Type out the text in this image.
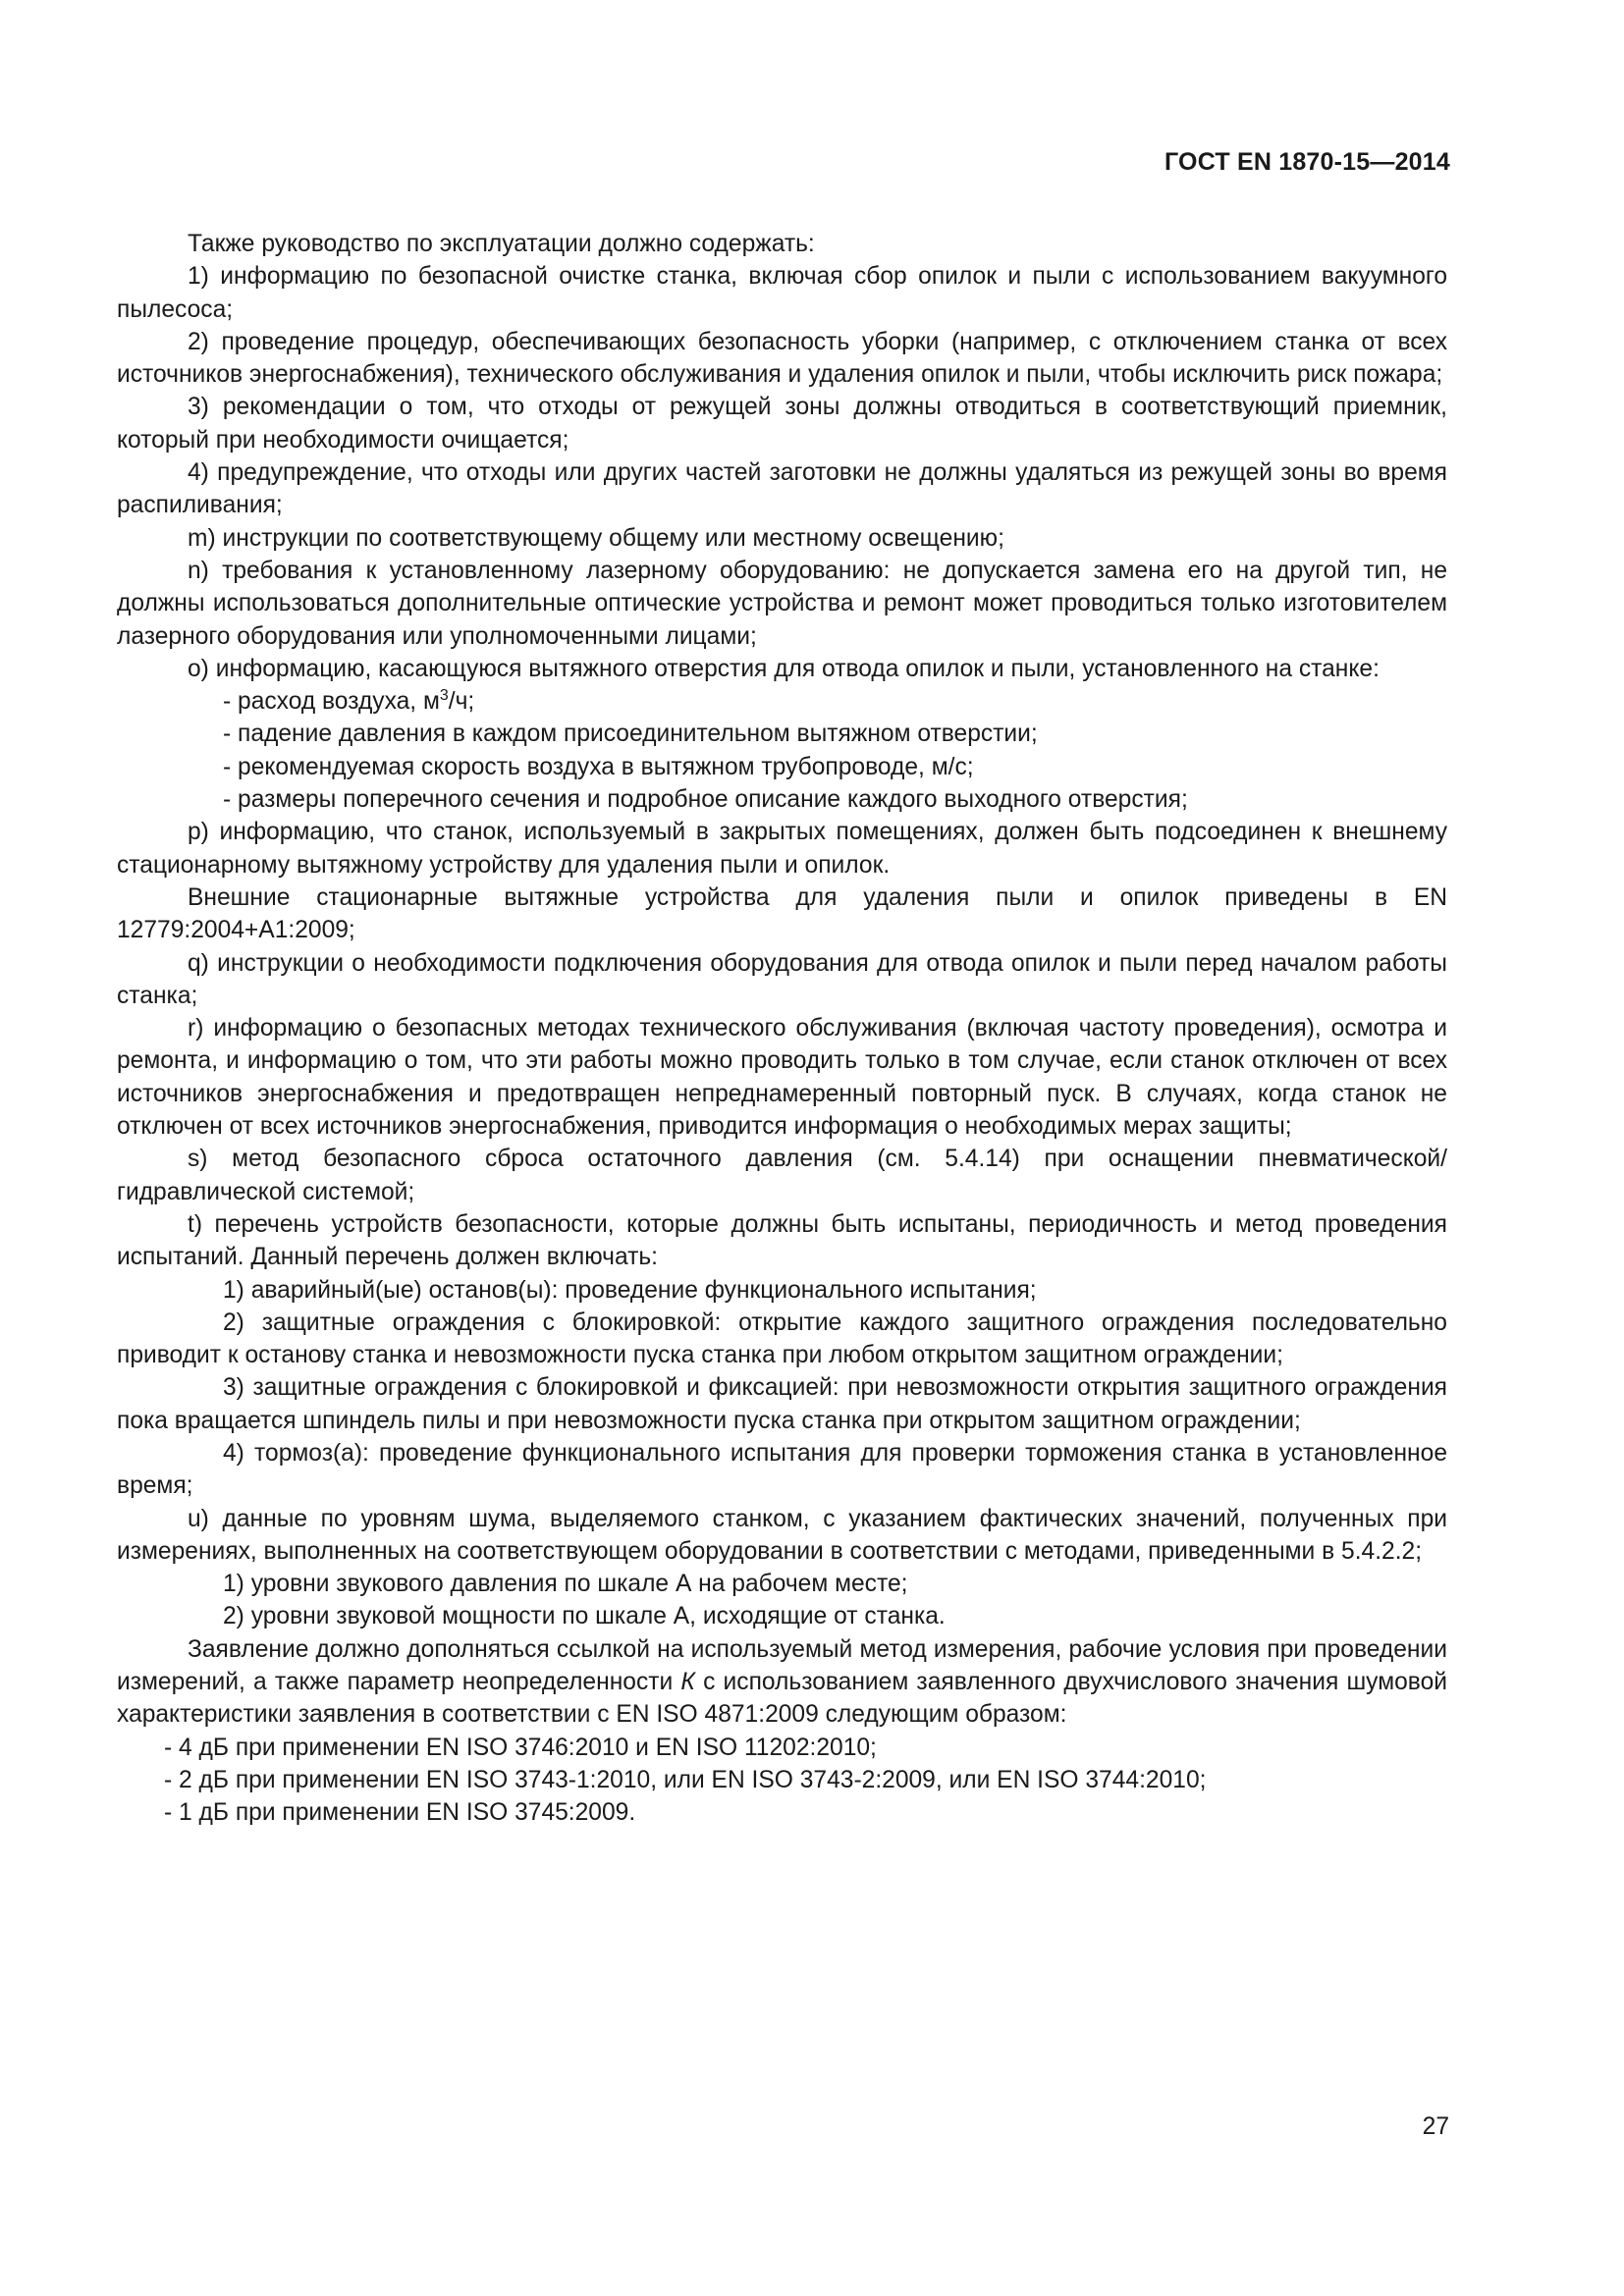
ГОСТ EN 1870-15—2014

Также руководство по эксплуатации должно содержать:

1) информацию по безопасной очистке станка, включая сбор опилок и пыли с использованием вакуумного пылесоса;

2) проведение процедур, обеспечивающих безопасность уборки (например, с отключением станка от всех источников энергоснабжения), технического обслуживания и удаления опилок и пыли, чтобы исключить риск пожара;

3) рекомендации о том, что отходы от режущей зоны должны отводиться в соответствующий приемник, который при необходимости очищается;

4) предупреждение, что отходы или других частей заготовки не должны удаляться из режущей зоны во время распиливания;

m) инструкции по соответствующему общему или местному освещению;

n) требования к установленному лазерному оборудованию: не допускается замена его на другой тип, не должны использоваться дополнительные оптические устройства и ремонт может проводиться только изготовителем лазерного оборудования или уполномоченными лицами;

о) информацию, касающуюся вытяжного отверстия для отвода опилок и пыли, установленного на станке:

- расход воздуха, $м^3/ч$;

- падение давления в каждом присоединительном вытяжном отверстии;

- рекомендуемая скорость воздуха в вытяжном трубопроводе, м/с;

- размеры поперечного сечения и подробное описание каждого выходного отверстия;

р) информацию, что станок, используемый в закрытых помещениях, должен быть подсоединен к внешнему стационарному вытяжному устройству для удаления пыли и опилок.

Внешние стационарные вытяжные устройства для удаления пыли и опилок приведены в EN 12779:2004+А1:2009;

q) инструкции о необходимости подключения оборудования для отвода опилок и пыли перед началом работы станка;

r) информацию о безопасных методах технического обслуживания (включая частоту проведения), осмотра и ремонта, и информацию о том, что эти работы можно проводить только в том случае, если станок отключен от всех источников энергоснабжения и предотвращен непреднамеренный повторный пуск. В случаях, когда станок не отключен от всех источников энергоснабжения, приводится информация о необходимых мерах защиты;

s) метод безопасного сброса остаточного давления (см. 5.4.14) при оснащении пневматической/гидравлической системой;

t) перечень устройств безопасности, которые должны быть испытаны, периодичность и метод проведения испытаний. Данный перечень должен включать:

1) аварийный(ые) останов(ы): проведение функционального испытания;

2) защитные ограждения с блокировкой: открытие каждого защитного ограждения последовательно приводит к останову станка и невозможности пуска станка при любом открытом защитном ограждении;

3) защитные ограждения с блокировкой и фиксацией: при невозможности открытия защитного ограждения пока вращается шпиндель пилы и при невозможности пуска станка при открытом защитном ограждении;

4) тормоз(а): проведение функционального испытания для проверки торможения станка в установленное время;

u) данные по уровням шума, выделяемого станком, с указанием фактических значений, полученных при измерениях, выполненных на соответствующем оборудовании в соответствии с методами, приведенными в 5.4.2.2;

1) уровни звукового давления по шкале А на рабочем месте;

2) уровни звуковой мощности по шкале А, исходящие от станка.

Заявление должно дополняться ссылкой на используемый метод измерения, рабочие условия при проведении измерений, а также параметр неопределенности К с использованием заявленного двухчислового значения шумовой характеристики заявления в соответствии с EN ISO 4871:2009 следующим образом:

- 4 дБ при применении EN ISO 3746:2010 и EN ISO 11202:2010;

- 2 дБ при применении EN ISO 3743-1:2010, или EN ISO 3743-2:2009, или EN ISO 3744:2010;

- 1 дБ при применении EN ISO 3745:2009.

27
